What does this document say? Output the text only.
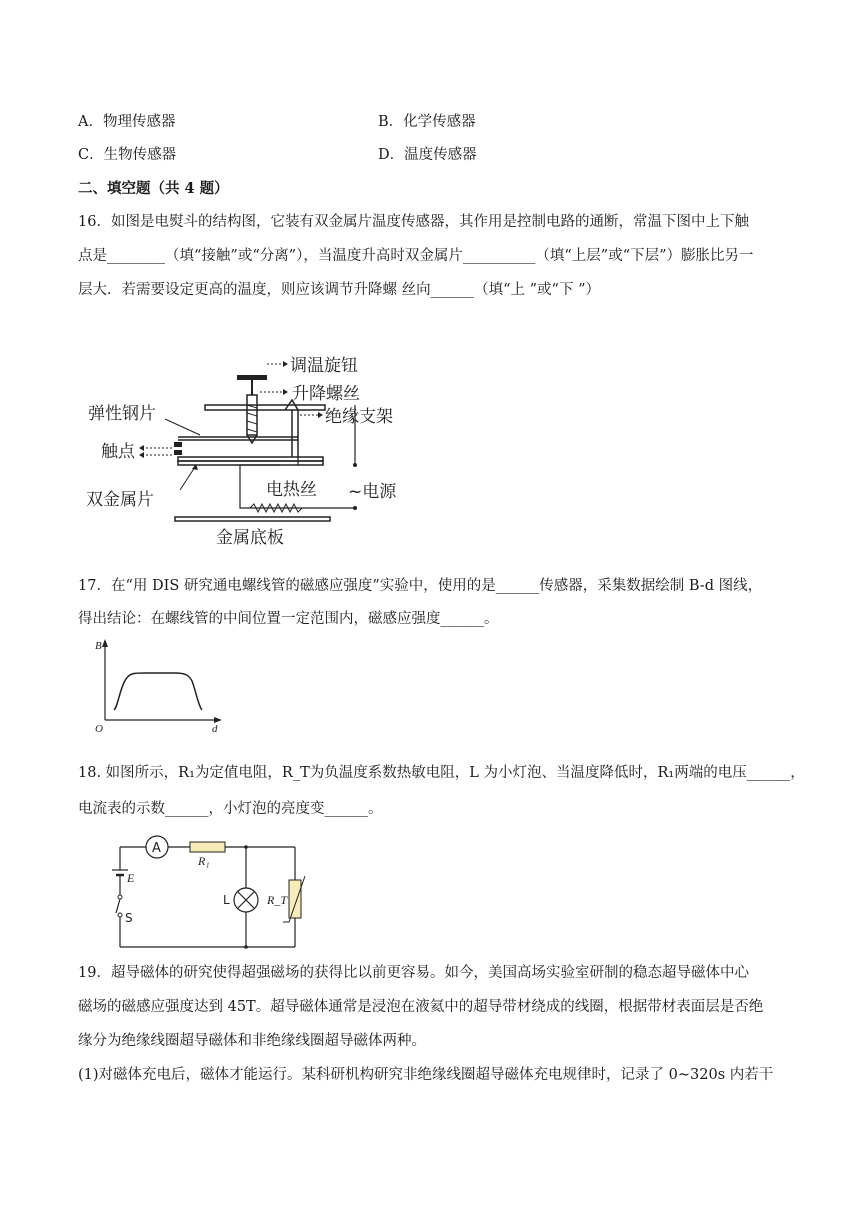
A．物理传感器	B．化学传感器
C．生物传感器	D．温度传感器
二、填空题（共 4 题）
16．如图是电熨斗的结构图，它装有双金属片温度传感器，其作用是控制电路的通断，常温下图中上下触
点是________（填“接触”或“分离”），当温度升高时双金属片__________（填“上层”或“下层”）膨胀比另一
层大．若需要设定更高的温度，则应该调节升降螺 丝向______（填“上 ”或“下 ”）
调温旋钮
升降螺丝
绝缘支架
弹性钢片
触点
双金属片	电热丝 ~电源
金属底板
17．在“用 DIS 研究通电螺线管的磁感应强度”实验中，使用的是______传感器，采集数据绘制 B-d 图线，
得出结论：在螺线管的中间位置一定范围内，磁感应强度______。
B
d
O
18. 如图所示，R₁为定值电阻，R_T为负温度系数热敏电阻，L 为小灯泡、当温度降低时，R₁两端的电压______，
电流表的示数______，小灯泡的亮度变______。
A
R₁
E
S
L	R_T
19．超导磁体的研究使得超强磁场的获得比以前更容易。如今，美国高场实验室研制的稳态超导磁体中心
磁场的磁感应强度达到 45T。超导磁体通常是浸泡在液氦中的超导带材绕成的线圈，根据带材表面层是否绝
缘分为绝缘线圈超导磁体和非绝缘线圈超导磁体两种。
(1)对磁体充电后，磁体才能运行。某科研机构研究非绝缘线圈超导磁体充电规律时，记录了 0~320s 内若干
